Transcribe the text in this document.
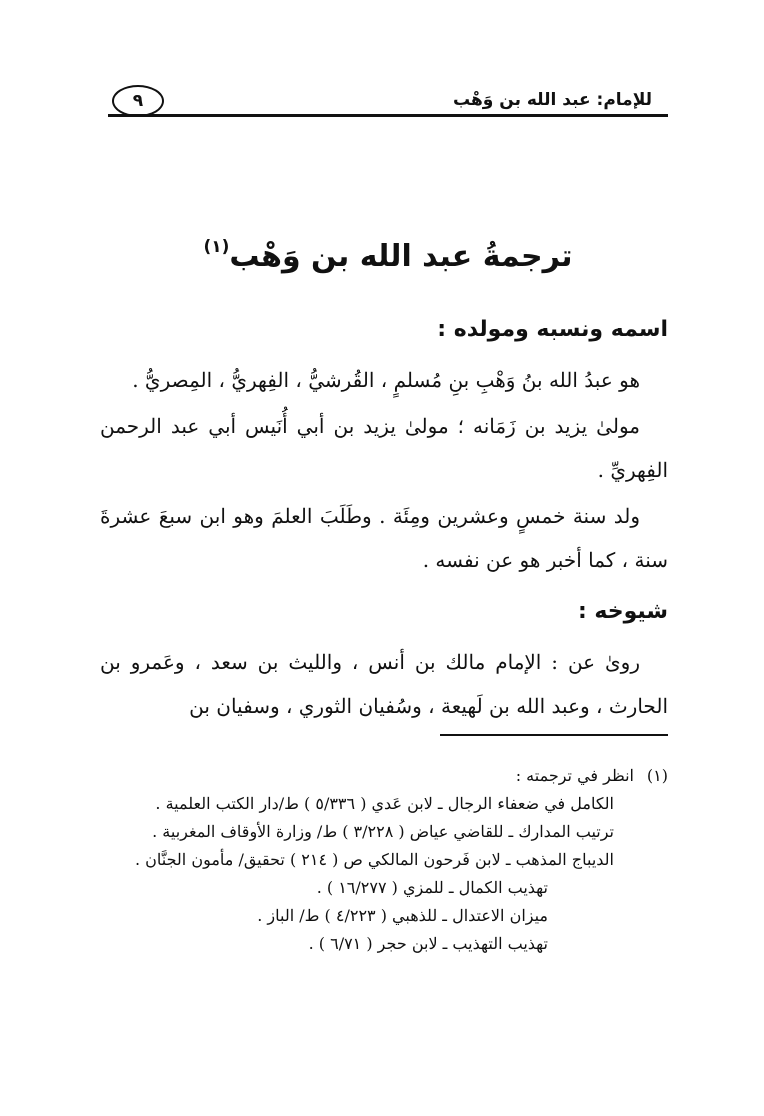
للإمام: عبد الله بن وَهْب
٩
ترجمةُ عبد الله بن وَهْب$^{(١)}$
اسمه ونسبه ومولده :

هو عبدُ الله بنُ وَهْبِ بنِ مُسلمٍ ، القُرشيُّ ، الفِهريُّ ، المِصريُّ .

مولىٰ يزيد بن زَمَانه ؛ مولىٰ يزيد بن أبي أُنَيس أبي عبد الرحمن الفِهريِّ .

ولد سنة خمسٍ وعشرين ومِئَة . وطَلَبَ العلمَ وهو ابن سبعَ عشرةَ سنة ، كما أخبر هو عن نفسه .

شيوخه :

روىٰ عن : الإمام مالك بن أنس ، والليث بن سعد ، وعَمرو بن الحارث ، وعبد الله بن لَهيعة ، وسُفيان الثوري ، وسفيان بن

(١)
انظر في ترجمته :

الكامل في ضعفاء الرجال ـ لابن عَدي ( ٥/٣٣٦ ) ط/دار الكتب العلمية .

ترتيب المدارك ـ للقاضي عياض ( ٣/٢٢٨ ) ط/ وزارة الأوقاف المغربية .

الديباج المذهب ـ لابن فَرحون المالكي ص ( ٢١٤ ) تحقيق/ مأمون الجنَّان .

تهذيب الكمال ـ للمزي ( ١٦/٢٧٧ ) .

ميزان الاعتدال ـ للذهبي ( ٤/٢٢٣ ) ط/ الباز .

تهذيب التهذيب ـ لابن حجر ( ٦/٧١ ) .
